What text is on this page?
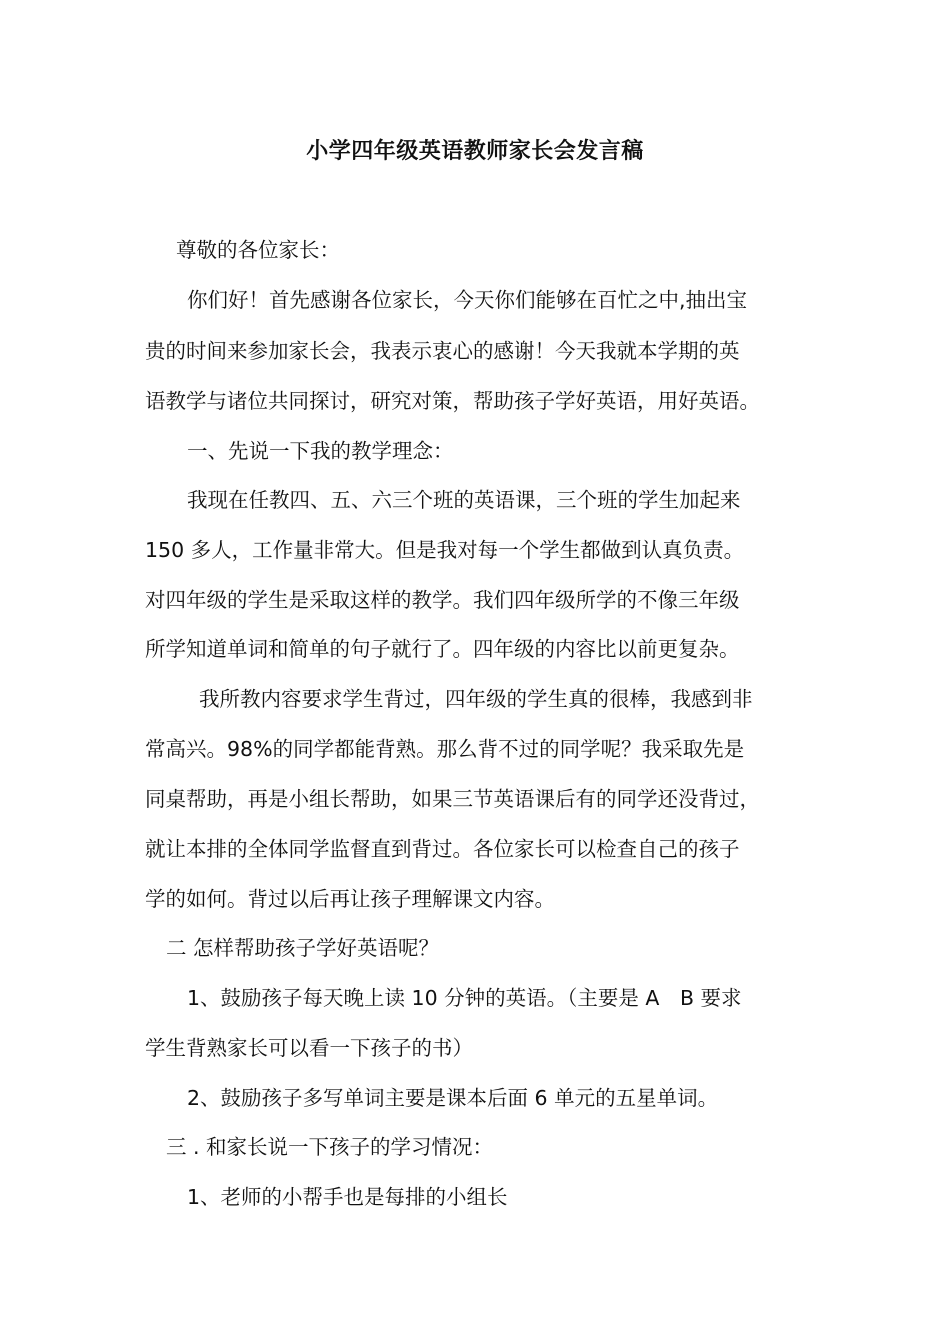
小学四年级英语教师家长会发言稿
尊敬的各位家长：
你们好！首先感谢各位家长，今天你们能够在百忙之中,抽出宝
贵的时间来参加家长会，我表示衷心的感谢！今天我就本学期的英
语教学与诸位共同探讨，研究对策，帮助孩子学好英语，用好英语。
一、先说一下我的教学理念：
我现在任教四、五、六三个班的英语课，三个班的学生加起来
150 多人，工作量非常大。但是我对每一个学生都做到认真负责。
对四年级的学生是采取这样的教学。我们四年级所学的不像三年级
所学知道单词和简单的句子就行了。四年级的内容比以前更复杂。
我所教内容要求学生背过，四年级的学生真的很棒，我感到非
常高兴。98%的同学都能背熟。那么背不过的同学呢？我采取先是
同桌帮助，再是小组长帮助，如果三节英语课后有的同学还没背过，
就让本排的全体同学监督直到背过。各位家长可以检查自己的孩子
学的如何。背过以后再让孩子理解课文内容。
二 怎样帮助孩子学好英语呢？
1、鼓励孩子每天晚上读 10 分钟的英语。（主要是 A　B 要求
学生背熟家长可以看一下孩子的书）
2、鼓励孩子多写单词主要是课本后面 6 单元的五星单词。
三 . 和家长说一下孩子的学习情况：
1、老师的小帮手也是每排的小组长
